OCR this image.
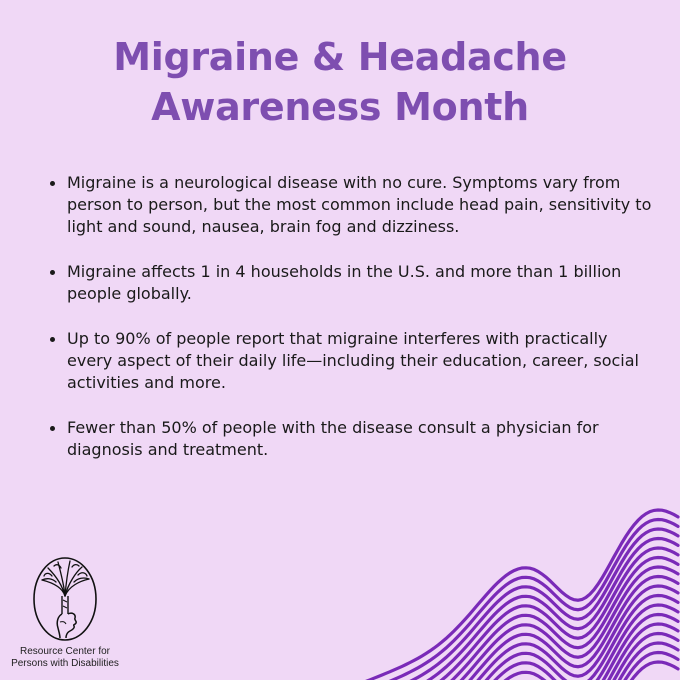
Migraine & Headache
Awareness Month
Migraine is a neurological disease with no cure. Symptoms vary from person to person, but the most common include head pain, sensitivity to light and sound, nausea, brain fog and dizziness.
Migraine affects 1 in 4 households in the U.S. and more than 1 billion people globally.
Up to 90% of people report that migraine interferes with practically every aspect of their daily life—including their education, career, social activities and more.
Fewer than 50% of people with the disease consult a physician for diagnosis and treatment.
Resource Center for
Persons with Disabilities
